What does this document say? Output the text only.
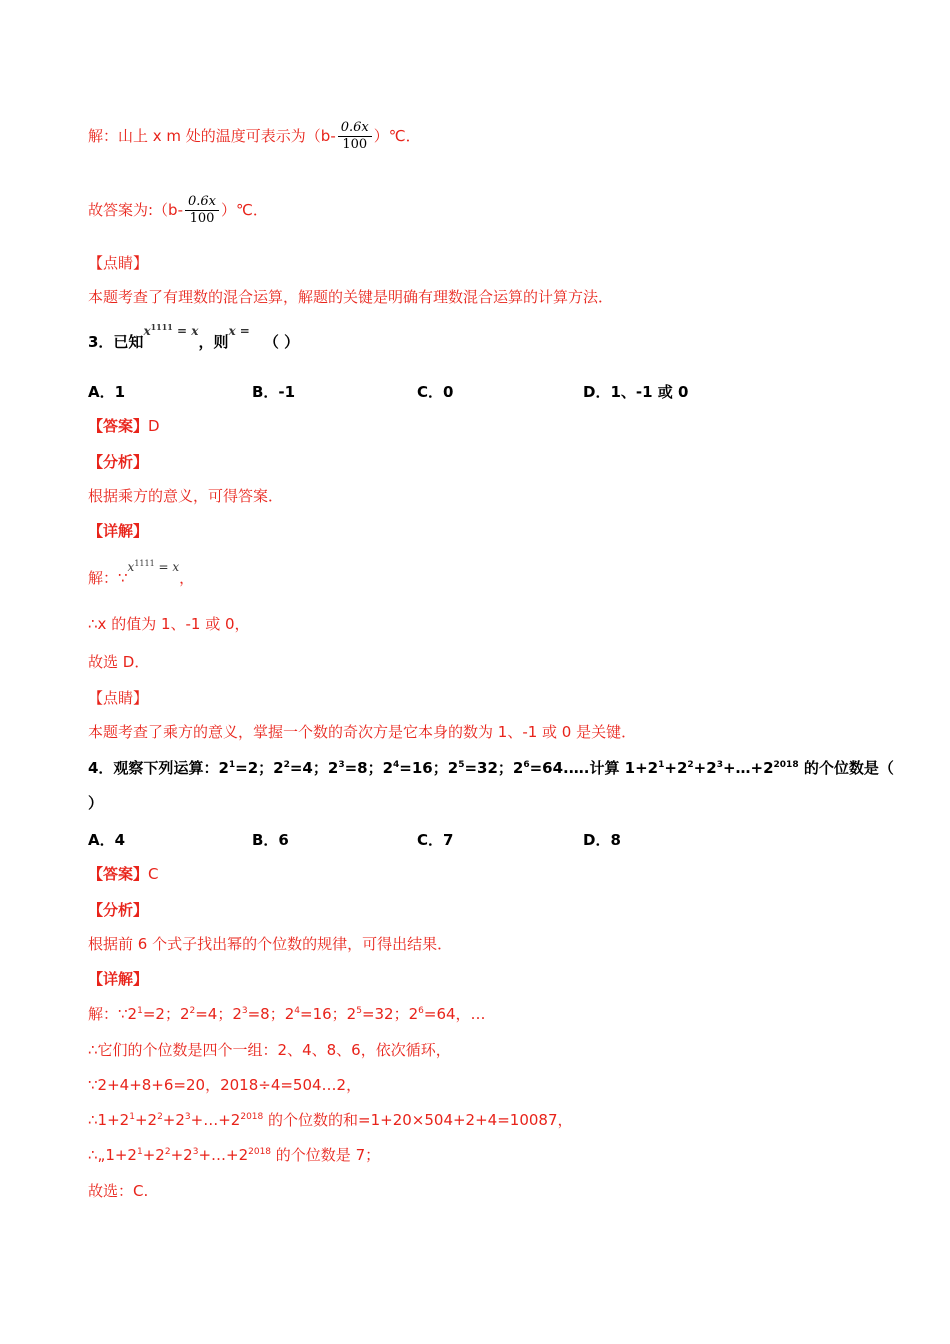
解：山上 x m 处的温度可表示为（$b- \frac{0.6x}{100}$ ）℃．
故答案为:（b- $\frac{0.6x}{100}$ ）℃．
【点睛】
本题考查了有理数的混合运算，解题的关键是明确有理数混合运算的计算方法．
3．已知$^{x^{1111} = x}$，则$^{x =}$（ ）
A．1	B．-1	C．0	D．1、-1 或 0
【答案】D
【分析】
根据乘方的意义，可得答案．
【详解】
解：∵$^{x^{1111} = x}$，
∴x 的值为 1、-1 或 0，
故选 D．
【点睛】
本题考查了乘方的意义，掌握一个数的奇次方是它本身的数为 1、-1 或 0 是关键．
4．观察下列运算：$2^1=2$；$2^2=4$；$2^3=8$；$2^4=16$；$2^5=32$；$2^6=64.\dots$.计算 $1+2^1+2^2+2^3+\dots+2^{2018}$ 的个位数是（
）
A．4	B．6	C．7	D．8
【答案】C
【分析】
根据前 6 个式子找出幂的个位数的规律，可得出结果．
【详解】
解：$\because 2^1=2$；$2^2=4$；$2^3=8$；$2^4=16$；$2^5=32$；$2^6=64$，…
∴它们的个位数是四个一组：2、4、8、6，依次循环，
∵2+4+8+6=20，2018÷4=504…2，
$\therefore 1+2^1+2^2+2^3+\dots+2^{2018}$ 的个位数的和=1+20×504+2+4=10087，
$\therefore„1+2^1+2^2+2^3+\dots+2^{2018}$ 的个位数是 7；
故选：C.
